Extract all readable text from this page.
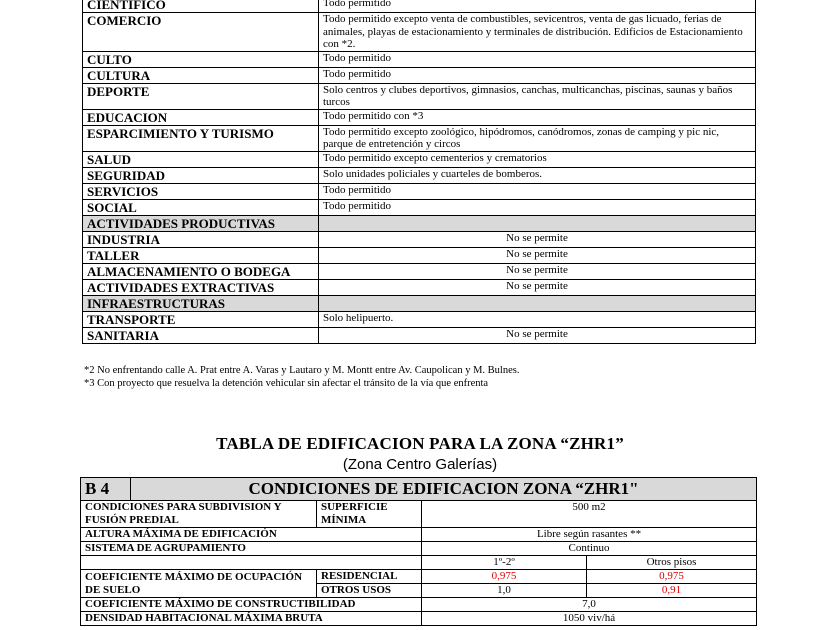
CIENTIFICO	Todo permitido
COMERCIO	Todo permitido excepto venta de combustibles, sevicentros, venta de gas licuado, ferias de animales, playas de estacionamiento y terminales de distribución. Edificios de Estacionamiento con *2.
CULTO	Todo permitido
CULTURA	Todo permitido
DEPORTE	Solo centros y clubes deportivos, gimnasios, canchas, multicanchas, piscinas, saunas y baños turcos
EDUCACION	Todo permitido con *3
ESPARCIMIENTO Y TURISMO	Todo permitido excepto zoológico, hipódromos, canódromos, zonas de camping y pic nic, parque de entretención y circos
SALUD	Todo permitido excepto cementerios y crematorios
SEGURIDAD	Solo unidades policiales y cuarteles de bomberos.
SERVICIOS	Todo permitido
SOCIAL	Todo permitido
ACTIVIDADES PRODUCTIVAS	
INDUSTRIA	No se permite
TALLER	No se permite
ALMACENAMIENTO O BODEGA	No se permite
ACTIVIDADES EXTRACTIVAS	No se permite
INFRAESTRUCTURAS	
TRANSPORTE	Solo helipuerto.
SANITARIA	No se permite
*2 No enfrentando calle A. Prat entre A. Varas y Lautaro y M. Montt entre Av. Caupolican y M. Bulnes.
*3 Con proyecto que resuelva la detención vehicular sin afectar el tránsito de la vía que enfrenta
TABLA DE EDIFICACION PARA LA ZONA “ZHR1”
(Zona Centro Galerías)
B 4	CONDICIONES DE EDIFICACION ZONA “ZHR1"			
CONDICIONES PARA SUBDIVISION Y FUSIÓN PREDIAL		SUPERFICIE MÍNIMA	500 m2	
ALTURA MÁXIMA DE EDIFICACIÓN			Libre según rasantes **	
SISTEMA DE AGRUPAMIENTO			Continuo	
			1º-2º	Otros pisos
COEFICIENTE MÁXIMO DE OCUPACIÓN DE SUELO		RESIDENCIAL	0,975	0,975
		OTROS USOS	1,0	0,91
COEFICIENTE MÁXIMO DE CONSTRUCTIBILIDAD			7,0	
DENSIDAD HABITACIONAL MÁXIMA BRUTA			1050 viv/há	
